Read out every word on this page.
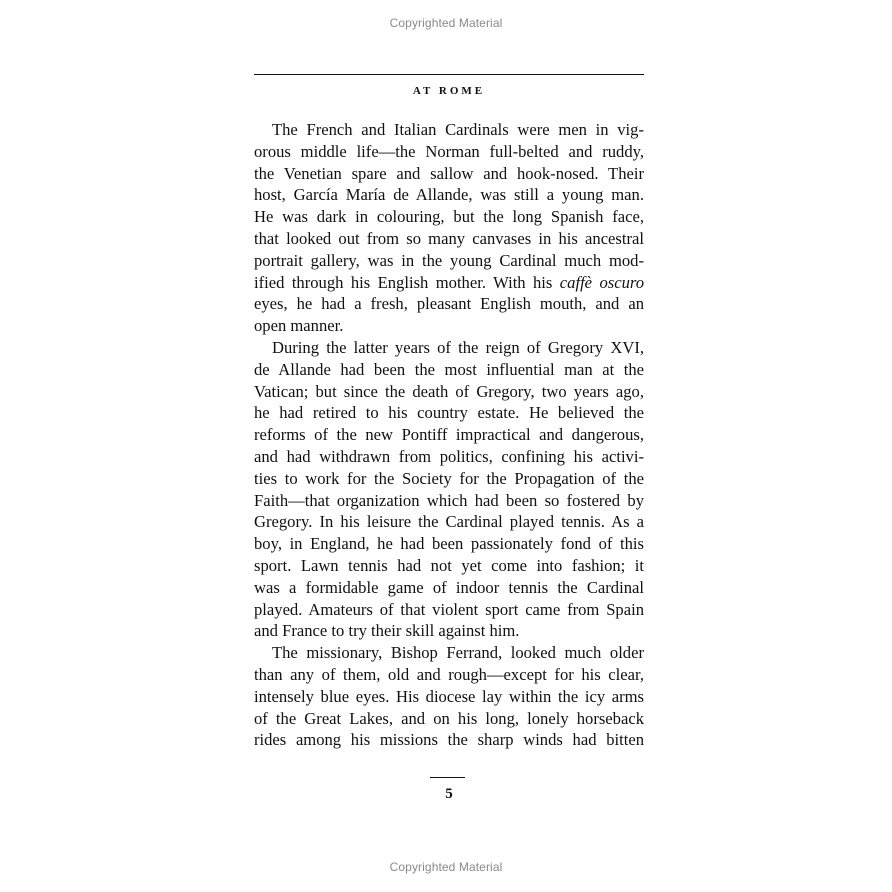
Copyrighted Material
AT ROME
The French and Italian Cardinals were men in vig-
orous middle life—the Norman full-belted and ruddy,
the Venetian spare and sallow and hook-nosed. Their
host, García María de Allande, was still a young man.
He was dark in colouring, but the long Spanish face,
that looked out from so many canvases in his ancestral
portrait gallery, was in the young Cardinal much mod-
ified through his English mother. With his caffè oscuro
eyes, he had a fresh, pleasant English mouth, and an
open manner.
During the latter years of the reign of Gregory XVI,
de Allande had been the most influential man at the
Vatican; but since the death of Gregory, two years ago,
he had retired to his country estate. He believed the
reforms of the new Pontiff impractical and dangerous,
and had withdrawn from politics, confining his activi-
ties to work for the Society for the Propagation of the
Faith—that organization which had been so fostered by
Gregory. In his leisure the Cardinal played tennis. As a
boy, in England, he had been passionately fond of this
sport. Lawn tennis had not yet come into fashion; it
was a formidable game of indoor tennis the Cardinal
played. Amateurs of that violent sport came from Spain
and France to try their skill against him.
The missionary, Bishop Ferrand, looked much older
than any of them, old and rough—except for his clear,
intensely blue eyes. His diocese lay within the icy arms
of the Great Lakes, and on his long, lonely horseback
rides among his missions the sharp winds had bitten
5
Copyrighted Material
